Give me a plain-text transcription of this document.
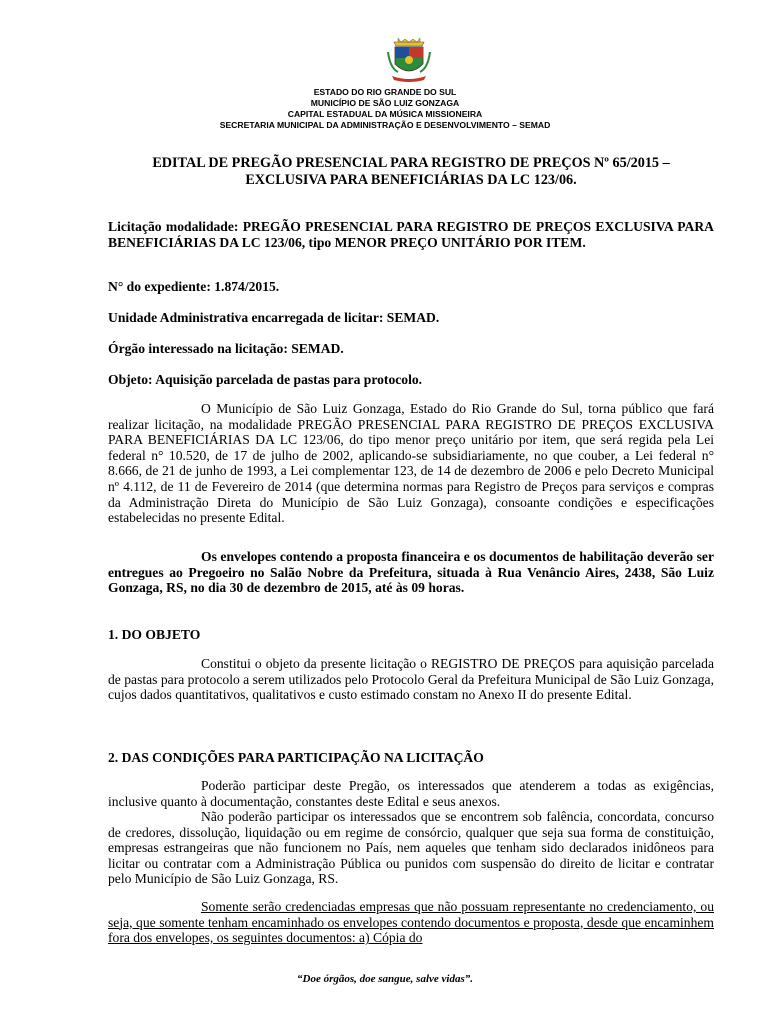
ESTADO DO RIO GRANDE DO SUL
MUNICÍPIO DE SÃO LUIZ GONZAGA
CAPITAL ESTADUAL DA MÚSICA MISSIONEIRA
SECRETARIA MUNICIPAL DA ADMINISTRAÇÃO E DESENVOLVIMENTO – SEMAD
EDITAL DE PREGÃO PRESENCIAL PARA REGISTRO DE PREÇOS Nº 65/2015 –
EXCLUSIVA PARA BENEFICIÁRIAS DA LC 123/06.
Licitação modalidade: PREGÃO PRESENCIAL PARA REGISTRO DE PREÇOS EXCLUSIVA PARA BENEFICIÁRIAS DA LC 123/06, tipo MENOR PREÇO UNITÁRIO POR ITEM.
N° do expediente: 1.874/2015.
Unidade Administrativa encarregada de licitar: SEMAD.
Órgão interessado na licitação: SEMAD.
Objeto: Aquisição parcelada de pastas para protocolo.
O Município de São Luiz Gonzaga, Estado do Rio Grande do Sul, torna público que fará realizar licitação, na modalidade PREGÃO PRESENCIAL PARA REGISTRO DE PREÇOS EXCLUSIVA PARA BENEFICIÁRIAS DA LC 123/06, do tipo menor preço unitário por item, que será regida pela Lei federal n° 10.520, de 17 de julho de 2002, aplicando-se subsidiariamente, no que couber, a Lei federal n° 8.666, de 21 de junho de 1993, a Lei complementar 123, de 14 de dezembro de 2006 e pelo Decreto Municipal nº 4.112, de 11 de Fevereiro de 2014 (que determina normas para Registro de Preços para serviços e compras da Administração Direta do Município de São Luiz Gonzaga), consoante condições e especificações estabelecidas no presente Edital.
Os envelopes contendo a proposta financeira e os documentos de habilitação deverão ser entregues ao Pregoeiro no Salão Nobre da Prefeitura, situada à Rua Venâncio Aires, 2438, São Luiz Gonzaga, RS, no dia 30 de dezembro de 2015, até às 09 horas.
1. DO OBJETO
Constitui o objeto da presente licitação o REGISTRO DE PREÇOS para aquisição parcelada de pastas para protocolo a serem utilizados pelo Protocolo Geral da Prefeitura Municipal de São Luiz Gonzaga, cujos dados quantitativos, qualitativos e custo estimado constam no Anexo II do presente Edital.
2. DAS CONDIÇÕES PARA PARTICIPAÇÃO NA LICITAÇÃO
Poderão participar deste Pregão, os interessados que atenderem a todas as exigências, inclusive quanto à documentação, constantes deste Edital e seus anexos.
Não poderão participar os interessados que se encontrem sob falência, concordata, concurso de credores, dissolução, liquidação ou em regime de consórcio, qualquer que seja sua forma de constituição, empresas estrangeiras que não funcionem no País, nem aqueles que tenham sido declarados inidôneos para licitar ou contratar com a Administração Pública ou punidos com suspensão do direito de licitar e contratar pelo Município de São Luiz Gonzaga, RS.
Somente serão credenciadas empresas que não possuam representante no credenciamento, ou seja, que somente tenham encaminhado os envelopes contendo documentos e proposta, desde que encaminhem fora dos envelopes, os seguintes documentos: a) Cópia do
“Doe órgãos, doe sangue, salve vidas”.
